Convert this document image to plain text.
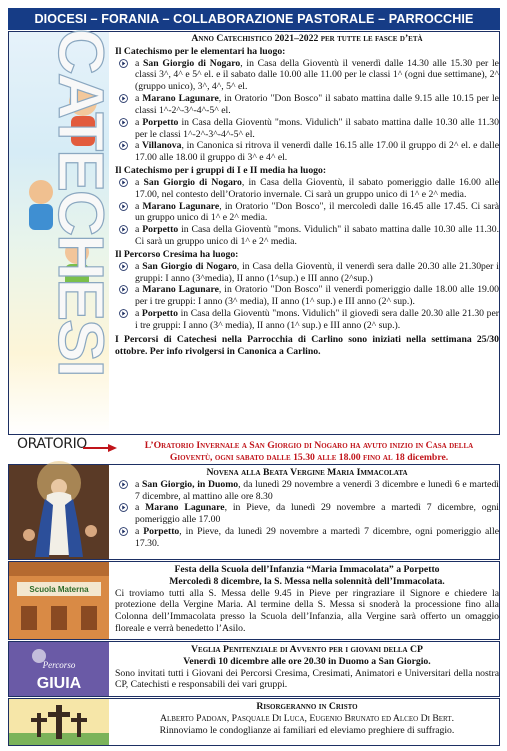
DIOCESI – FORANIA – COLLABORAZIONE PASTORALE – PARROCCHIE
CATECHESI
ORATORIO
Anno Catechistico 2021–2022 per tutte le fasce d’età
Il Catechismo per le elementari ha luogo:
a San Giorgio di Nogaro, in Casa della Gioventù il venerdì dalle 14.30 alle 15.30 per le classi 3^, 4^ e 5^ el. e il sabato dalle 10.00 alle 11.00 per le classi 1^ (ogni due settimane), 2^ (gruppo unico), 3^, 4^, 5^ el.
a Marano Lagunare, in Oratorio "Don Bosco" il sabato mattina dalle 9.15 alle 10.15 per le classi 1^-2^-3^-4^-5^ el.
a Porpetto in Casa della Gioventù "mons. Vidulich" il sabato mattina dalle 10.30 alle 11.30 per le classi 1^-2^-3^-4^-5^ el.
a Villanova, in Canonica si ritrova il venerdì dalle 16.15 alle 17.00 il gruppo di 2^ el. e dalle 17.00 alle 18.00 il gruppo di 3^ e 4^ el.
Il Catechismo per i gruppi di I e II media ha luogo:
a San Giorgio di Nogaro, in Casa della Gioventù, il sabato pomeriggio dalle 16.00 alle 17.00, nel contesto dell’Oratorio invernale. Ci sarà un gruppo unico di 1^ e 2^ media.
a Marano Lagunare, in Oratorio "Don Bosco", il mercoledì dalle 16.45 alle 17.45. Ci sarà un gruppo unico di 1^ e 2^ media.
a Porpetto in Casa della Gioventù "mons. Vidulich" il sabato mattina dalle 10.30 alle 11.30. Ci sarà un gruppo unico di 1^ e 2^ media.
Il Percorso Cresima ha luogo:
a San Giorgio di Nogaro, in Casa della Gioventù, il venerdì sera dalle 20.30 alle 21.30per i gruppi: I anno (3^media), II anno (1^sup.) e III anno (2^sup.)
a Marano Lagunare, in Oratorio "Don Bosco" il venerdì pomeriggio dalle 18.00 alle 19.00 per i tre gruppi: I anno (3^ media), II anno (1^ sup.) e III anno (2^ sup.).
a Porpetto in Casa della Gioventù "mons. Vidulich" il giovedì sera dalle 20.30 alle 21.30 per i tre gruppi: I anno (3^ media), II anno (1^ sup.) e III anno (2^ sup.).
I Percorsi di Catechesi nella Parrocchia di Carlino sono iniziati nella settimana 25/30 ottobre. Per info rivolgersi in Canonica a Carlino.
L’Oratorio Invernale a San Giorgio di Nogaro ha avuto inizio in Casa della
Gioventù, ogni sabato dalle 15.30 alle 18.00 fino al 18 dicembre.
Novena alla Beata Vergine Maria Immacolata
a San Giorgio, in Duomo, da lunedì 29 novembre a venerdì 3 dicembre e lunedì 6 e martedì 7 dicembre, al mattino alle ore 8.30
a Marano Lagunare, in Pieve, da lunedì 29 novembre a martedì 7 dicembre, ogni pomeriggio alle 17.00
a Porpetto, in Pieve, da lunedì 29 novembre a martedì 7 dicembre, ogni pomeriggio alle 17.30.
Scuola Materna
Festa della Scuola dell’Infanzia “Maria Immacolata” a Porpetto
Mercoledì 8 dicembre, la S. Messa nella solennità dell’Immacolata.
Ci troviamo tutti alla S. Messa delle 9.45 in Pieve per ringraziare il Signore e chiedere la protezione della Vergine Maria. Al termine della S. Messa si snoderà la processione fino alla Colonna dell’Immacolata presso la Scuola dell’Infanzia, alla Vergine sarà offerto un omaggio floreale e verrà benedetto l’Asilo.
Percorso
GIUIA
Veglia Penitenziale di Avvento per i giovani della CP
Venerdì 10 dicembre alle ore 20.30 in Duomo a San Giorgio.
Sono invitati tutti i Giovani dei Percorsi Cresima, Cresimati, Animatori e Universitari della nostra CP, Catechisti e responsabili dei vari gruppi.
Risorgeranno in Cristo
Alberto Padoan, Pasquale Di Luca, Eugenio Brunato ed Alceo Di Bert.
Rinnoviamo le condoglianze ai familiari ed eleviamo preghiere di suffragio.
